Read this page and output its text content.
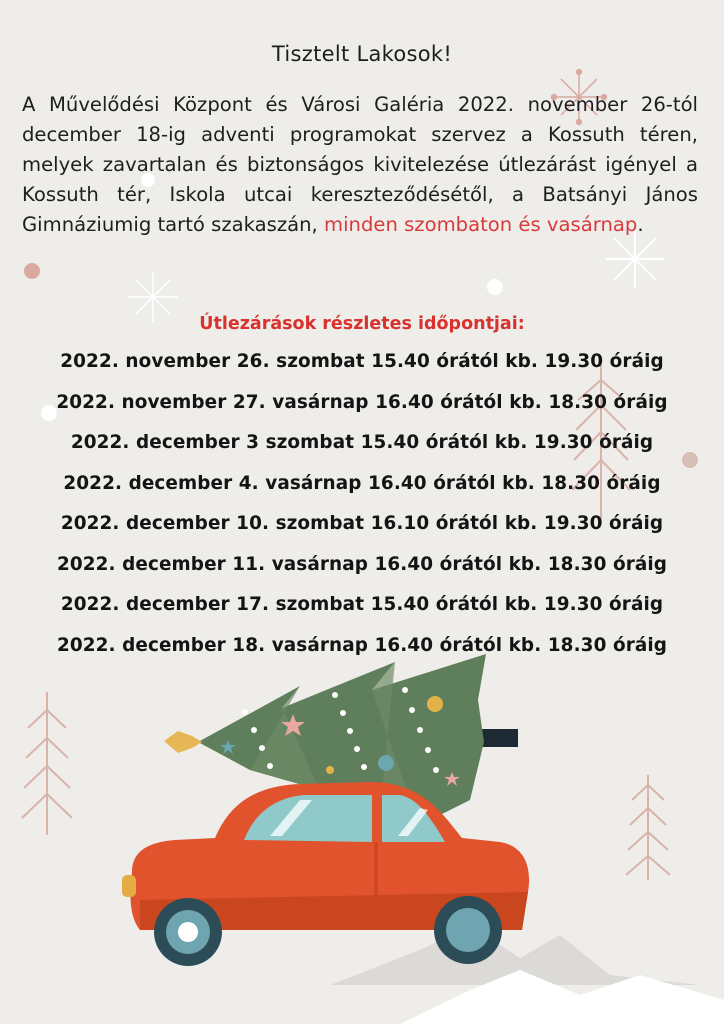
Tisztelt Lakosok!
A Művelődési Központ és Városi Galéria 2022. november 26-tól december 18-ig adventi programokat szervez a Kossuth téren, melyek zavartalan és biztonságos kivitelezése útlezárást igényel a Kossuth tér, Iskola utcai kereszteződésétől, a Batsányi János Gimnáziumig tartó szakaszán, minden szombaton és vasárnap.
Útlezárások részletes időpontjai:
2022. november 26. szombat 15.40 órától kb. 19.30 óráig
2022. november 27. vasárnap 16.40 órától kb. 18.30 óráig
2022. december 3 szombat 15.40 órától kb. 19.30 óráig
2022. december 4. vasárnap 16.40 órától kb. 18.30 óráig
2022. december 10. szombat 16.10 órától kb. 19.30 óráig
2022. december 11. vasárnap 16.40 órától kb. 18.30 óráig
2022. december 17. szombat 15.40 órától kb. 19.30 óráig
2022. december 18. vasárnap 16.40 órától kb. 18.30 óráig
